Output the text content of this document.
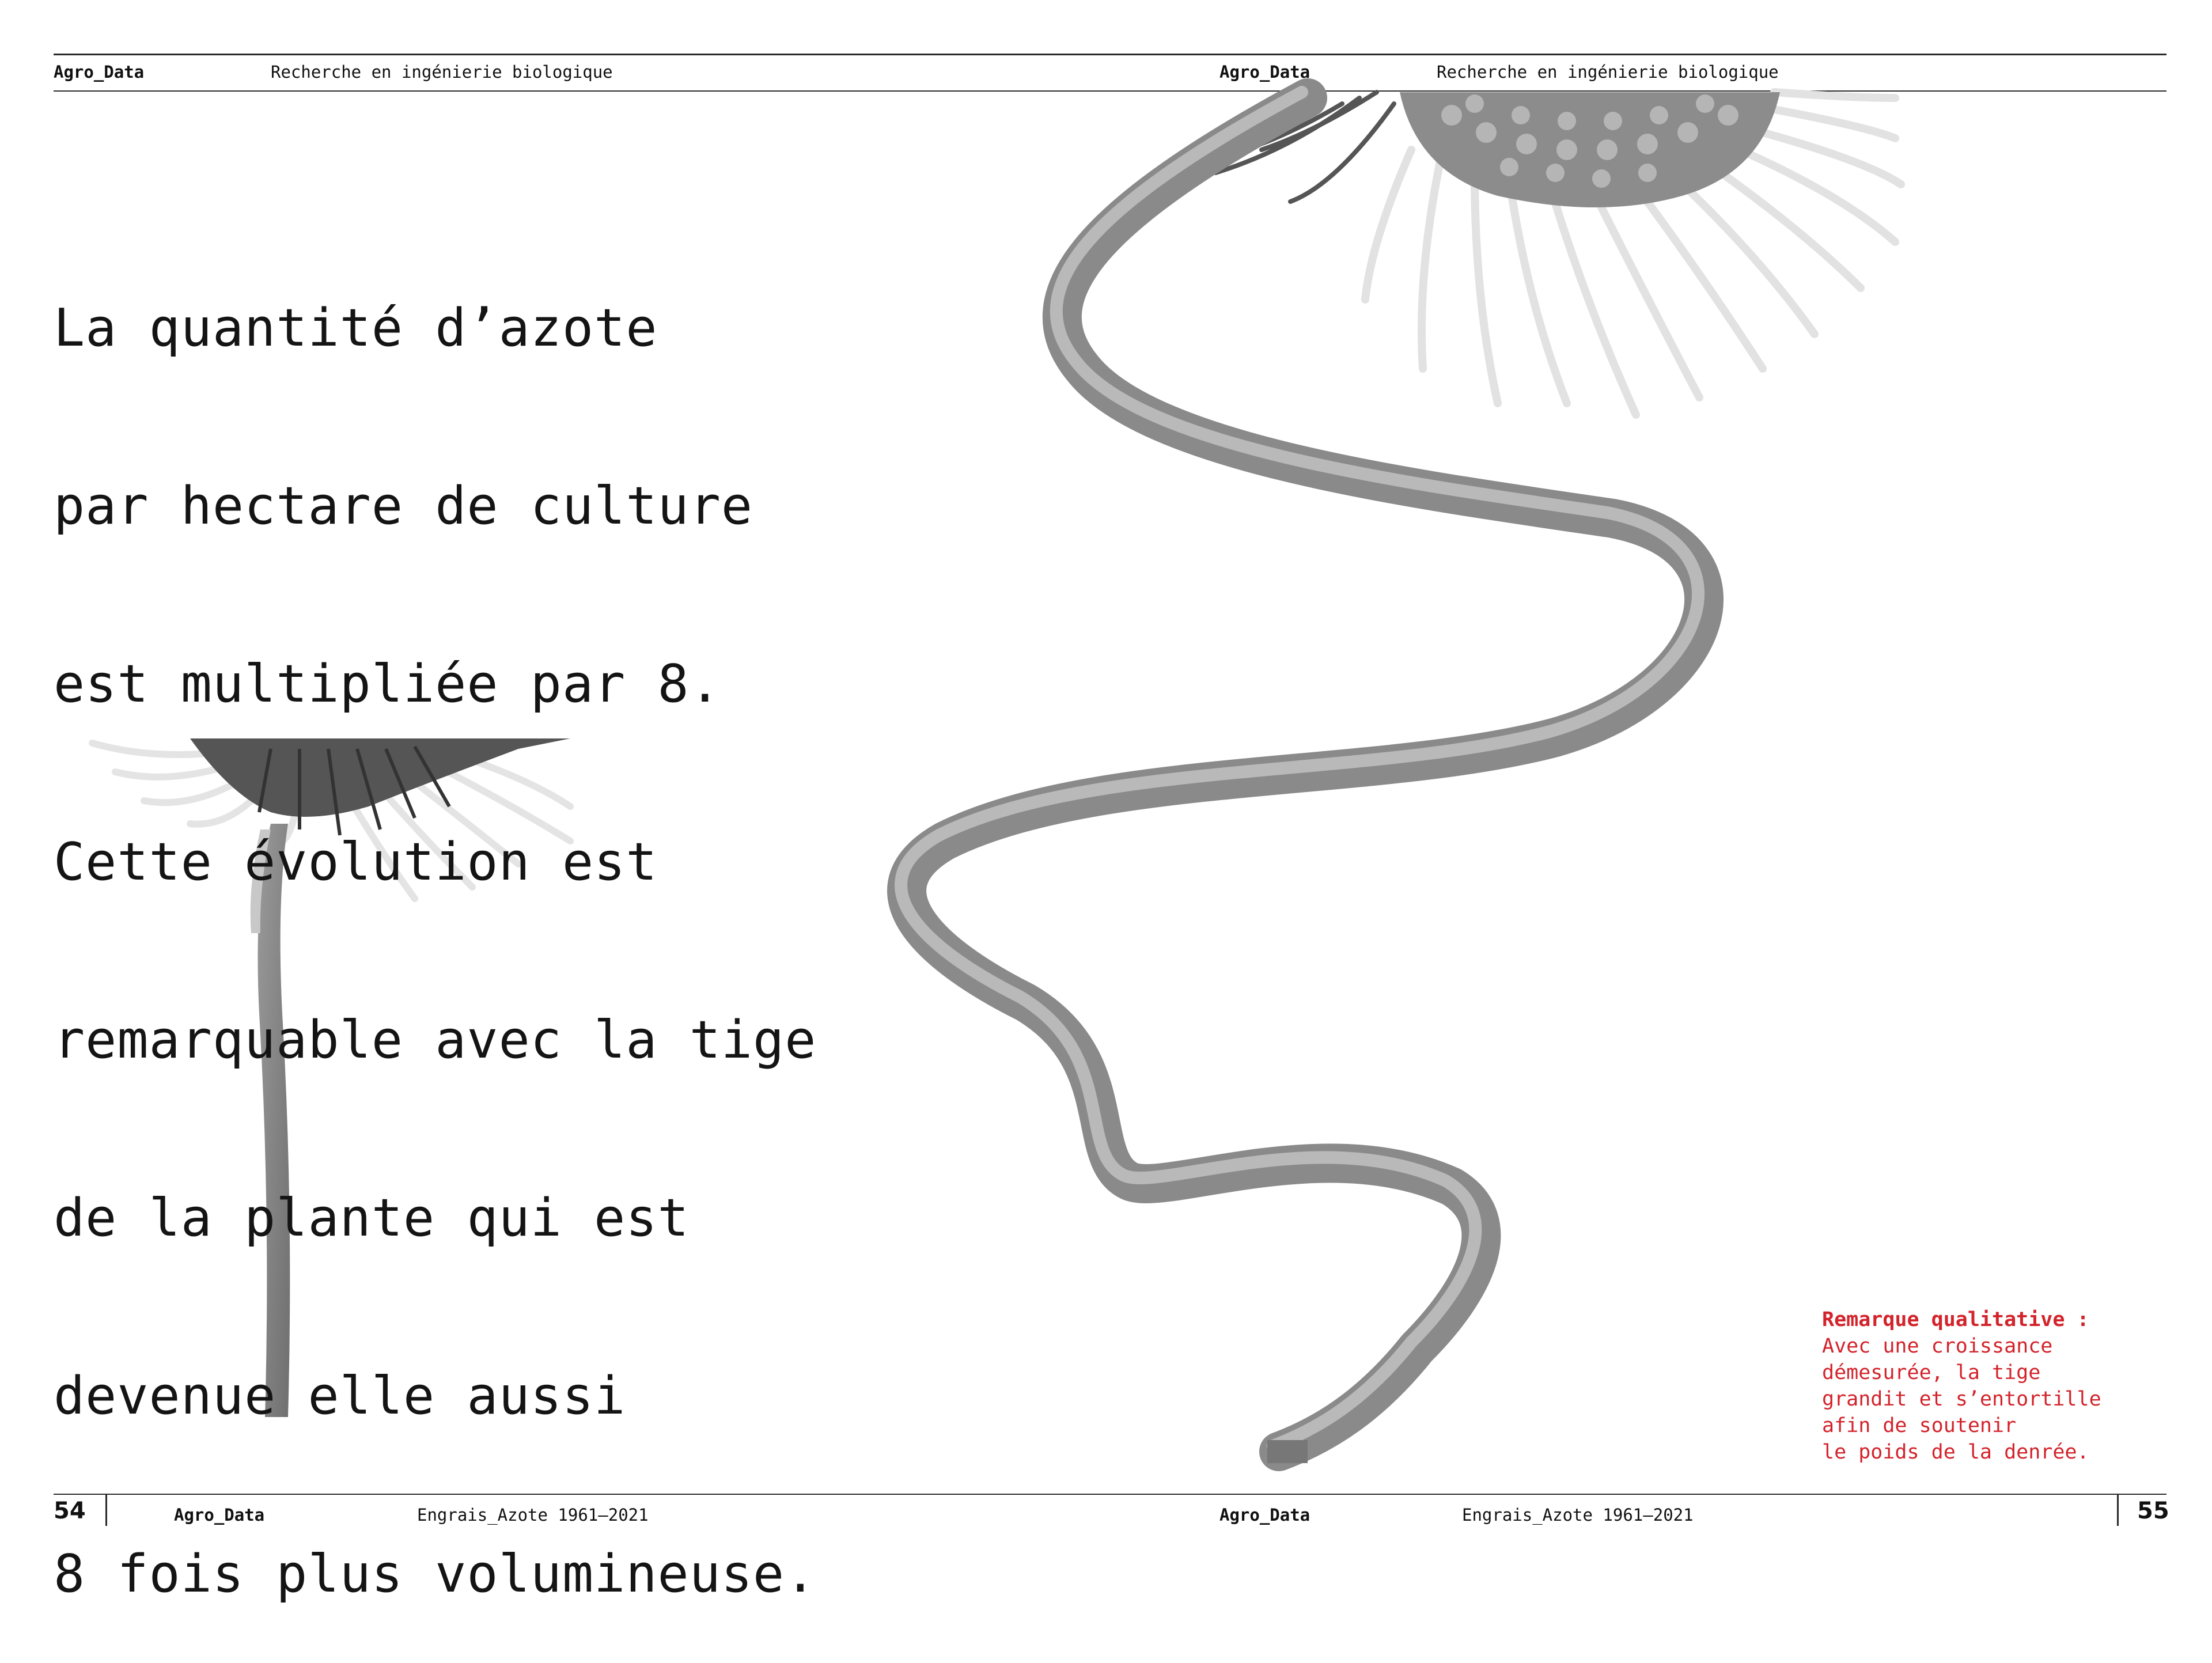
Agro_Data	Recherche en ingénierie biologique	Agro_Data	Recherche en ingénierie biologique

La quantité d’azote

par hectare de culture

est multipliée par 8.

Cette évolution est

remarquable avec la tige

de la plante qui est

devenue elle aussi

8 fois plus volumineuse.

Remarque qualitative :
Avec une croissance
démesurée, la tige
grandit et s’entortille
afin de soutenir
le poids de la denrée.
54	Agro_Data	Engrais_Azote 1961–2021	Agro_Data	Engrais_Azote 1961–2021	55
